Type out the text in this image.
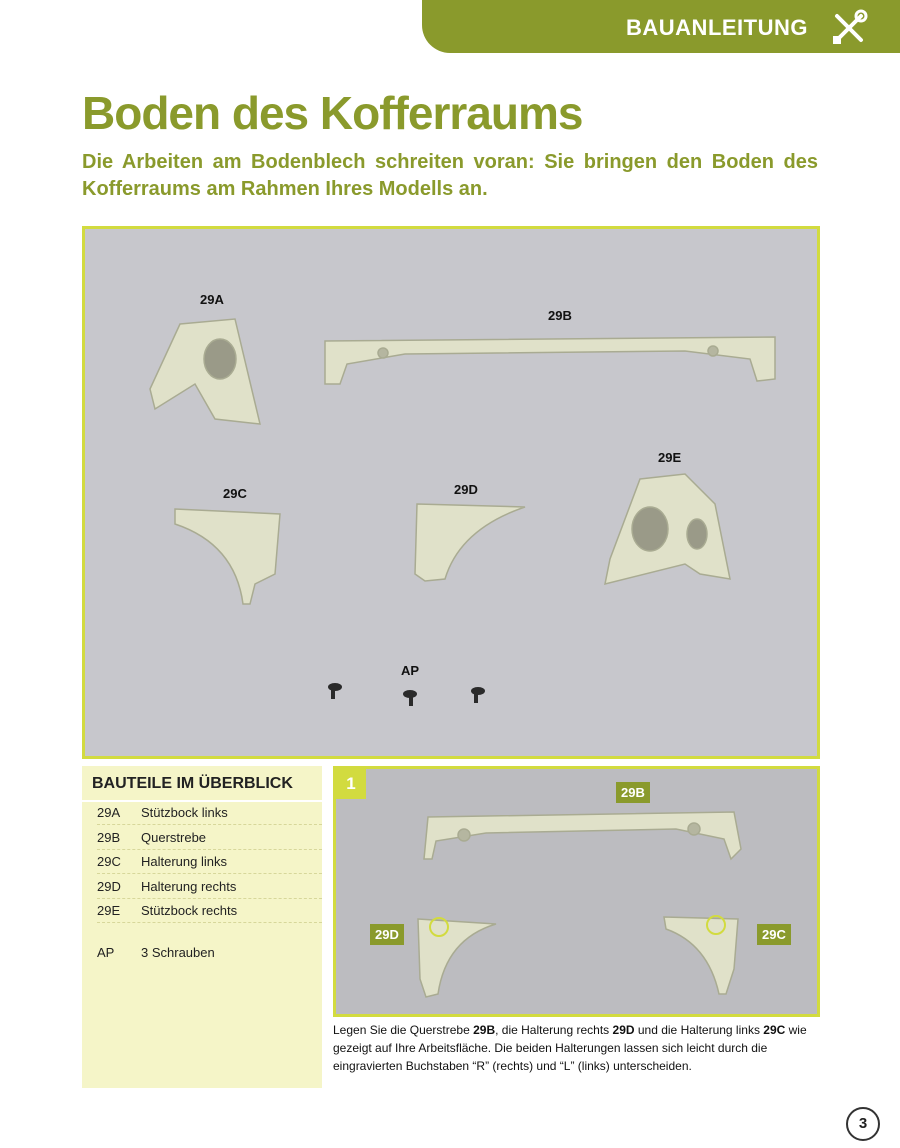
BAUANLEITUNG
Boden des Kofferraums

Die Arbeiten am Bodenblech schreiten voran: Sie bringen den Boden des Kofferraums am Rahmen Ihres Modells an.

29A
29B
29C	29D
29E
AP
BAUTEILE IM ÜBERBLICK
29A Stützbock links
29B Querstrebe
29C Halterung links
29D Halterung rechts
29E Stützbock rechts
AP 3 Schrauben
1	29B
29D	29C
Legen Sie die Querstrebe 29B, die Halterung rechts 29D und die Halterung links 29C wie gezeigt auf Ihre Arbeitsfläche. Die beiden Halterungen lassen sich leicht durch die eingravierten Buchstaben “R” (rechts) und “L” (links) unterscheiden.
3
